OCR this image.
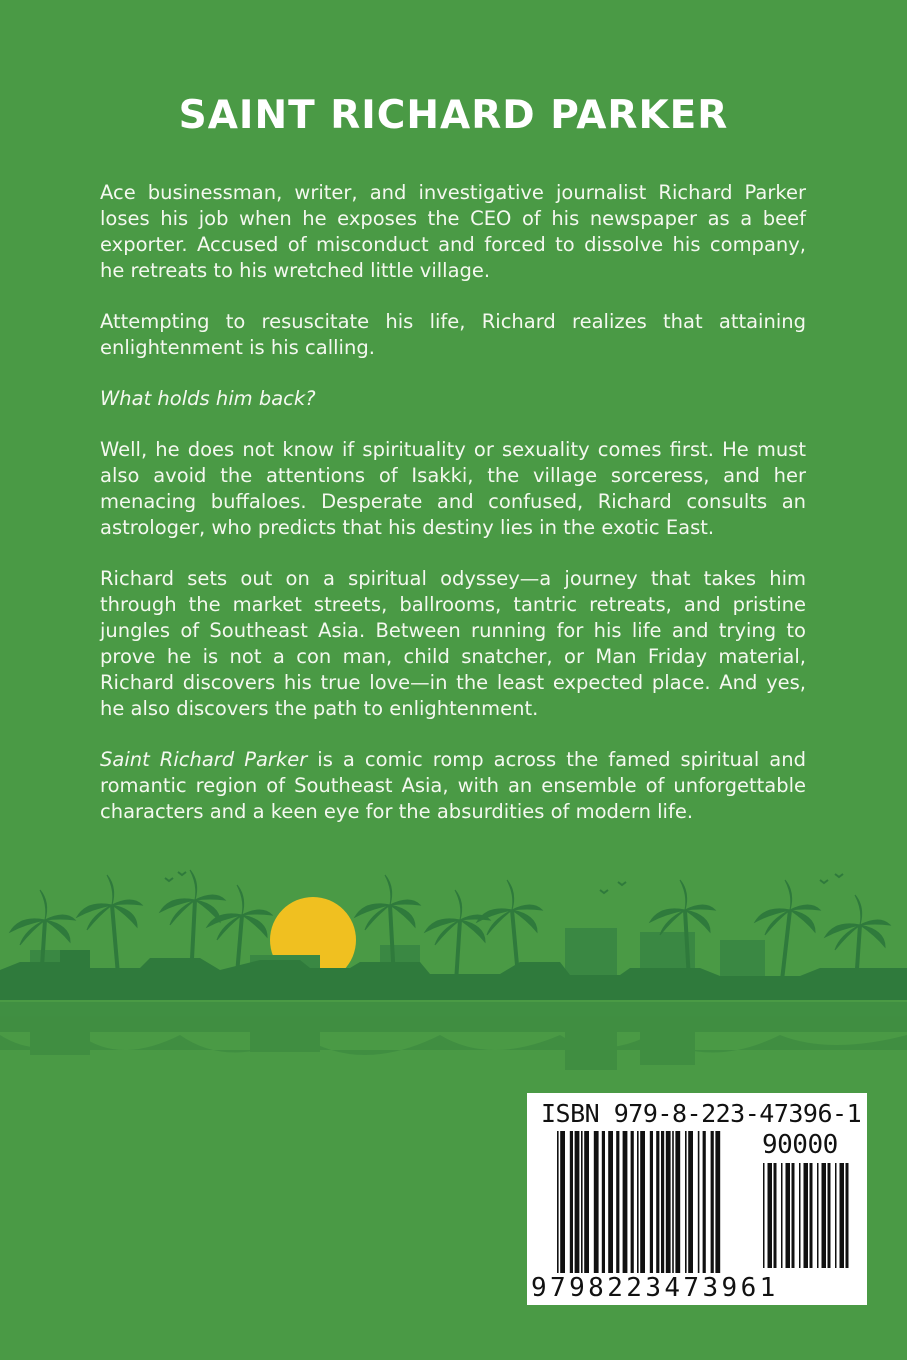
SAINT RICHARD PARKER

Ace businessman, writer, and investigative journalist Richard Parker loses his job when he exposes the CEO of his newspaper as a beef exporter. Accused of misconduct and forced to dissolve his company, he retreats to his wretched little village.

Attempting to resuscitate his life, Richard realizes that attaining enlightenment is his calling.

What holds him back?

Well, he does not know if spirituality or sexuality comes first. He must also avoid the attentions of Isakki, the village sorceress, and her menacing buffaloes. Desperate and confused, Richard consults an astrologer, who predicts that his destiny lies in the exotic East.

Richard sets out on a spiritual odyssey—a journey that takes him through the market streets, ballrooms, tantric retreats, and pristine jungles of Southeast Asia. Between running for his life and trying to prove he is not a con man, child snatcher, or Man Friday material, Richard discovers his true love—in the least expected place. And yes, he also discovers the path to enlightenment.

Saint Richard Parker is a comic romp across the famed spiritual and romantic region of Southeast Asia, with an ensemble of unforgettable characters and a keen eye for the absurdities of modern life.

ISBN 979-8-223-47396-1
90000
9798223473961
